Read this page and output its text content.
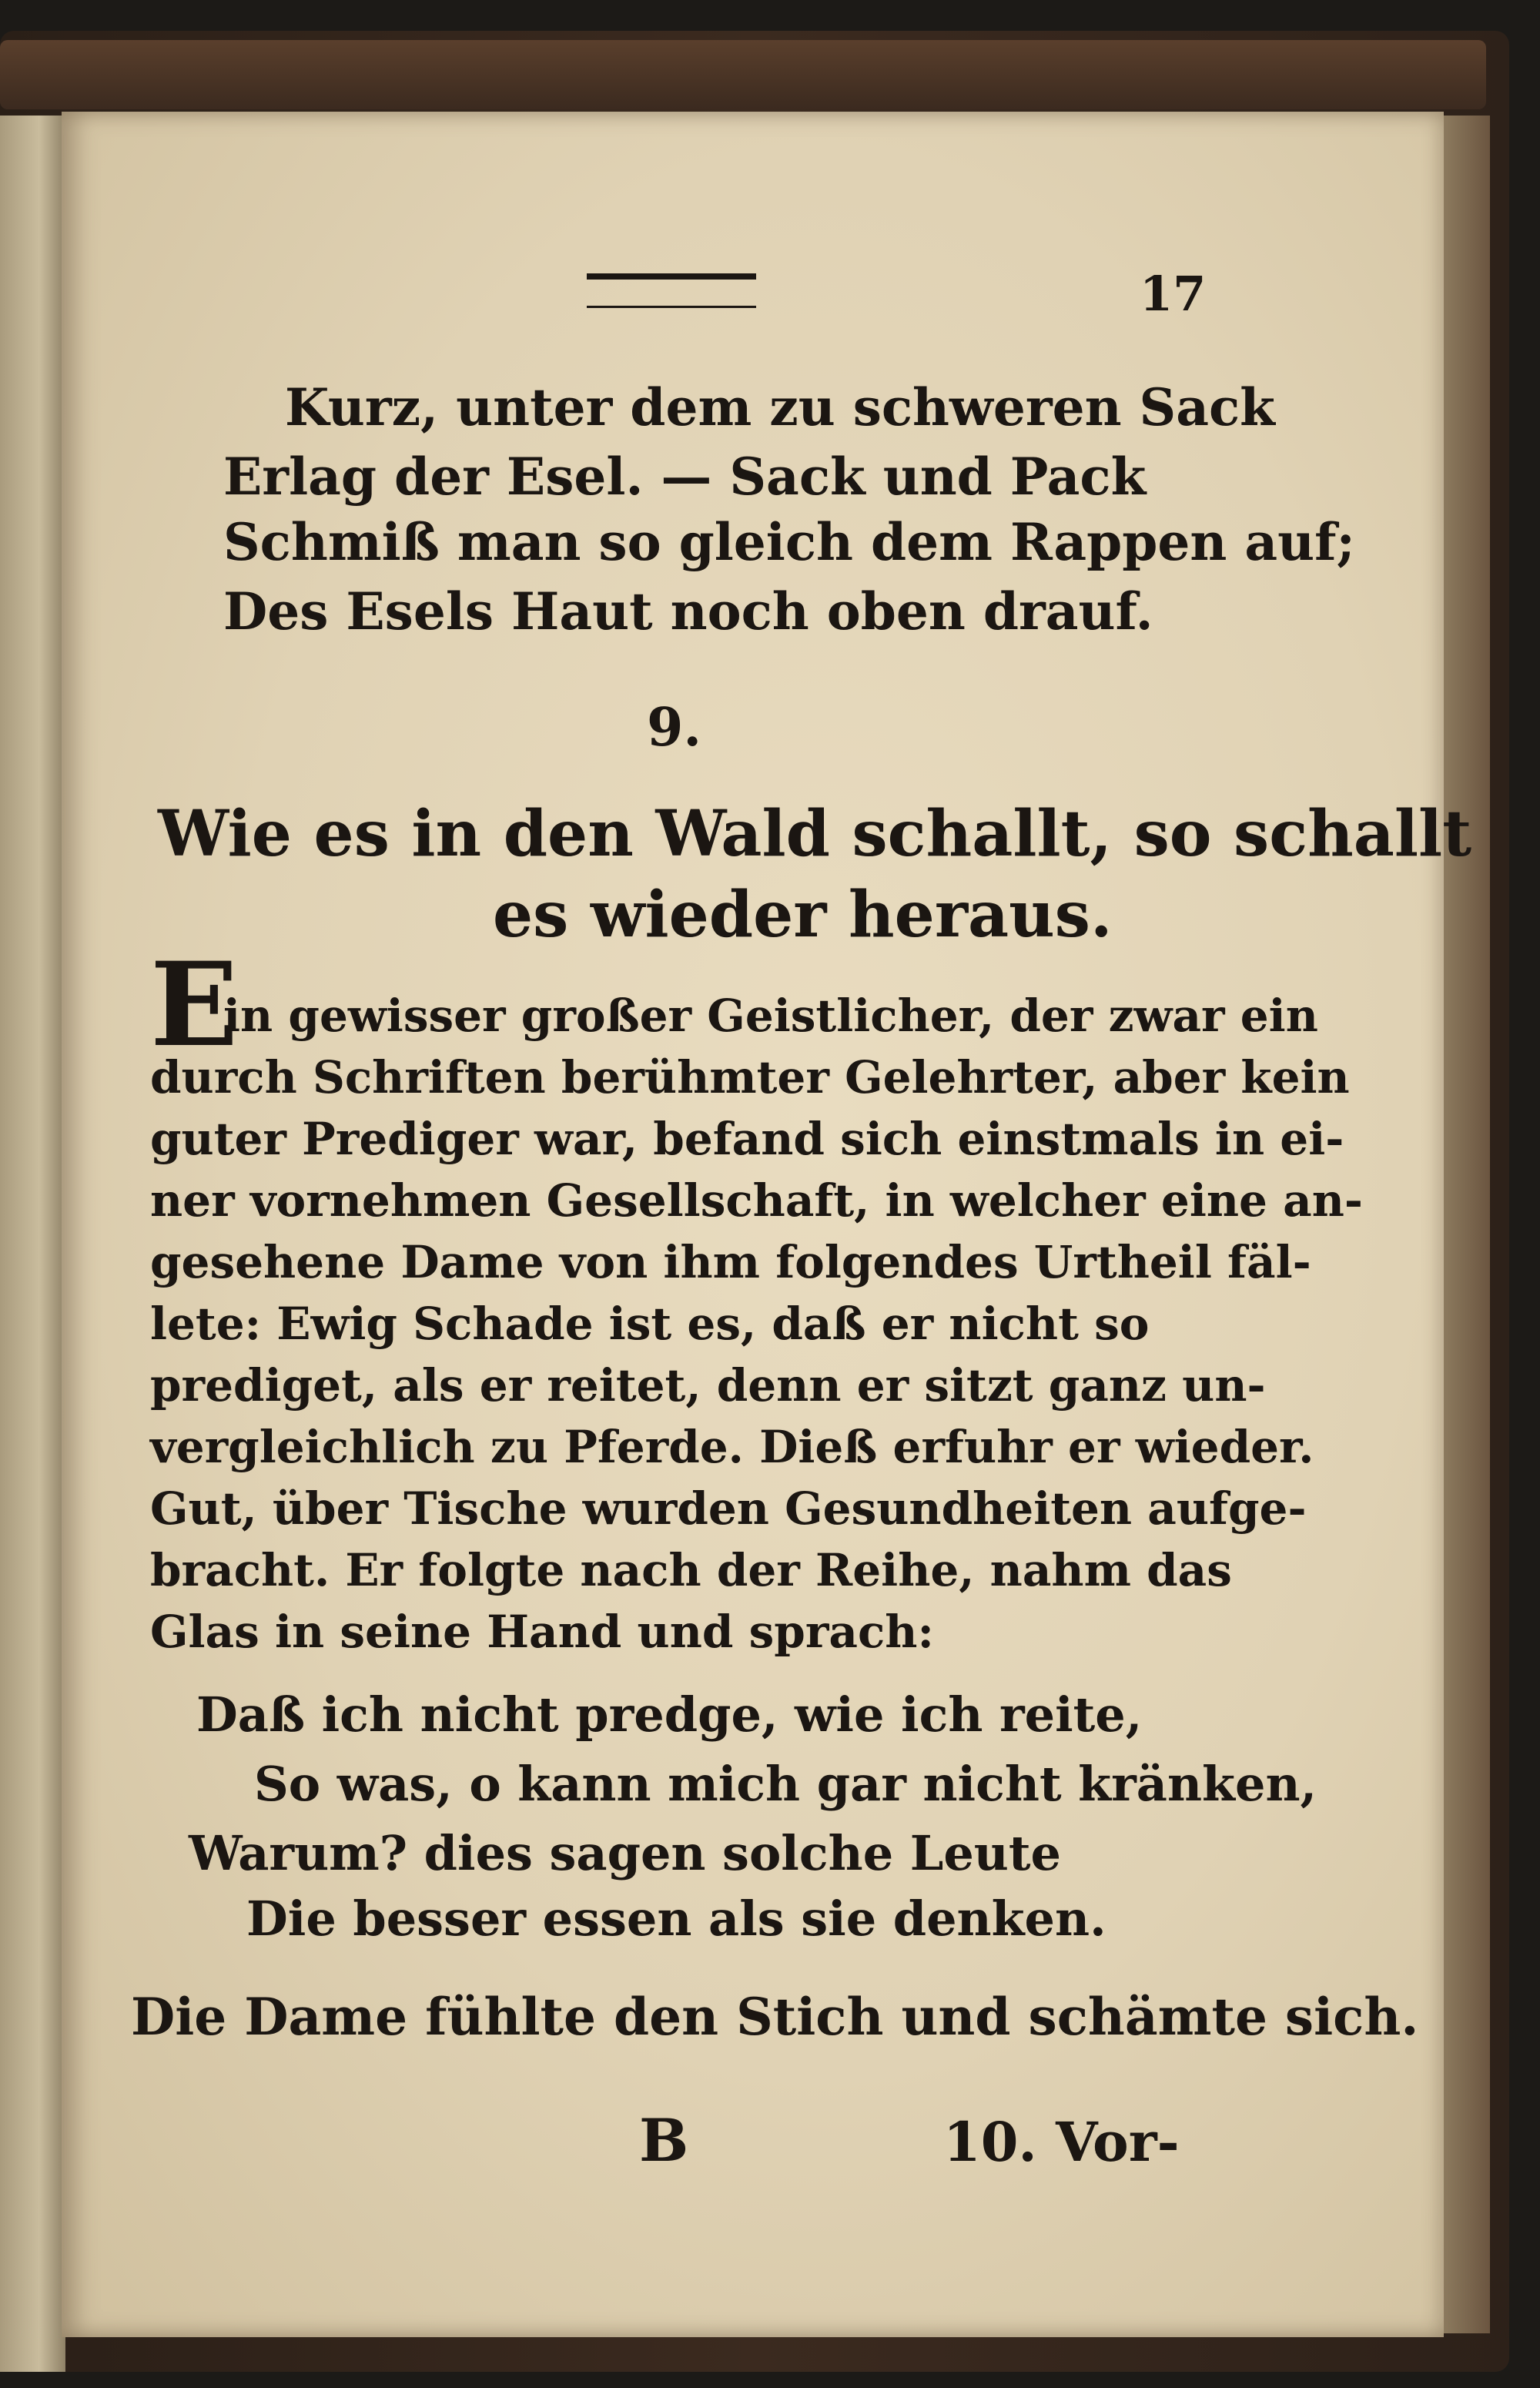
17
Kurz, unter dem zu schweren Sack
Erlag der Esel. — Sack und Pack
Schmiß man so gleich dem Rappen auf;
Des Esels Haut noch oben drauf.
9.
Wie es in den Wald schallt, so schallt
es wieder heraus.
E
in gewisser großer Geistlicher, der zwar ein
durch Schriften berühmter Gelehrter, aber kein
guter Prediger war, befand sich einstmals in ei-
ner vornehmen Gesellschaft, in welcher eine an-
gesehene Dame von ihm folgendes Urtheil fäl-
lete: Ewig Schade ist es, daß er nicht so
prediget, als er reitet, denn er sitzt ganz un-
vergleichlich zu Pferde. Dieß erfuhr er wieder.
Gut, über Tische wurden Gesundheiten aufge-
bracht. Er folgte nach der Reihe, nahm das
Glas in seine Hand und sprach:
Daß ich nicht predge, wie ich reite,
So was, o kann mich gar nicht kränken,
Warum? dies sagen solche Leute
Die besser essen als sie denken.
Die Dame fühlte den Stich und schämte sich.
B	10. Vor-
